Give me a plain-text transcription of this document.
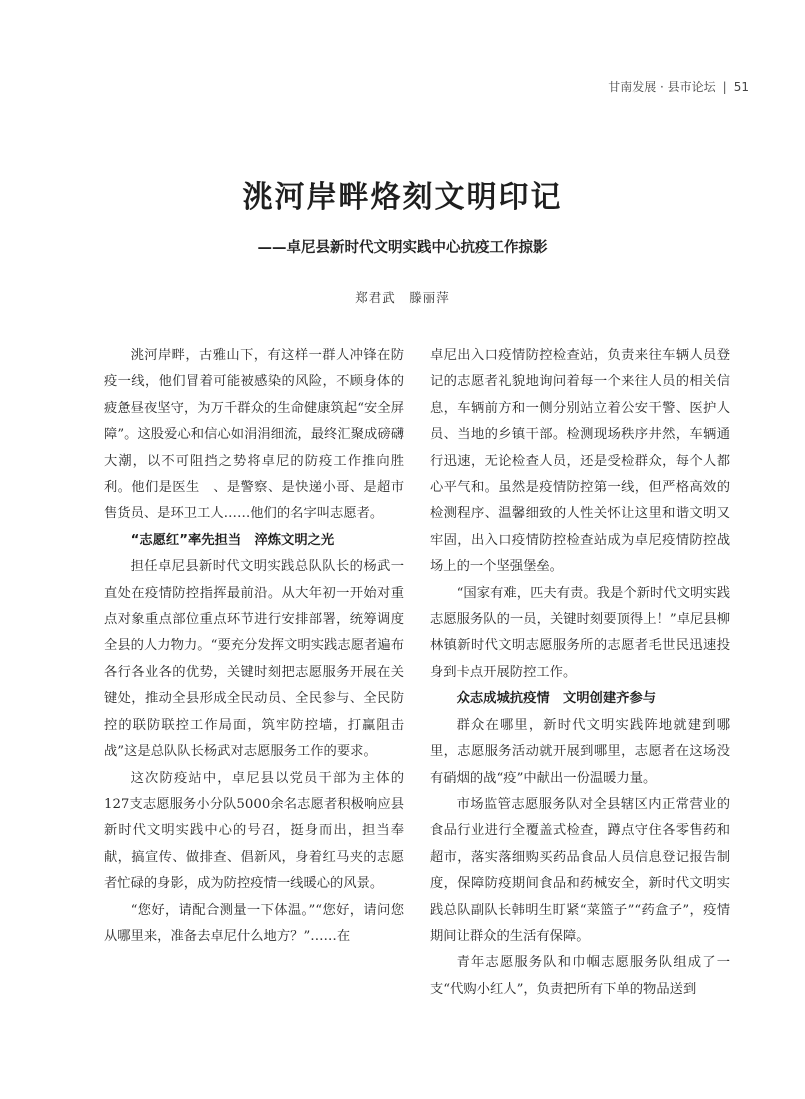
甘南发展 · 县市论坛 | 51
洮河岸畔烙刻文明印记
——卓尼县新时代文明实践中心抗疫工作掠影
郑君武　滕丽萍

洮河岸畔，古雅山下，有这样一群人冲锋在防疫一线，他们冒着可能被感染的风险，不顾身体的疲惫昼夜坚守，为万千群众的生命健康筑起“安全屏障”。这股爱心和信心如涓涓细流，最终汇聚成磅礴大潮，以不可阻挡之势将卓尼的防疫工作推向胜利。他们是医生　、是警察、是快递小哥、是超市售货员、是环卫工人……他们的名字叫志愿者。

“志愿红”率先担当　淬炼文明之光

担任卓尼县新时代文明实践总队队长的杨武一直处在疫情防控指挥最前沿。从大年初一开始对重点对象重点部位重点环节进行安排部署，统筹调度全县的人力物力。“要充分发挥文明实践志愿者遍布各行各业各的优势，关键时刻把志愿服务开展在关键处，推动全县形成全民动员、全民参与、全民防控的联防联控工作局面，筑牢防控墙，打赢阻击战”这是总队队长杨武对志愿服务工作的要求。

这次防疫站中，卓尼县以党员干部为主体的127支志愿服务小分队5000余名志愿者积极响应县新时代文明实践中心的号召，挺身而出，担当奉献，搞宣传、做排查、倡新风，身着红马夹的志愿者忙碌的身影，成为防控疫情一线暖心的风景。

“您好，请配合测量一下体温。”“您好，请问您从哪里来，准备去卓尼什么地方？”……在

卓尼出入口疫情防控检查站，负责来往车辆人员登记的志愿者礼貌地询问着每一个来往人员的相关信息，车辆前方和一侧分别站立着公安干警、医护人员、当地的乡镇干部。检测现场秩序井然，车辆通行迅速，无论检查人员，还是受检群众，每个人都心平气和。虽然是疫情防控第一线，但严格高效的检测程序、温馨细致的人性关怀让这里和谐文明又牢固，出入口疫情防控检查站成为卓尼疫情防控战场上的一个坚强堡垒。

“国家有难，匹夫有责。我是个新时代文明实践志愿服务队的一员，关键时刻要顶得上！”卓尼县柳林镇新时代文明志愿服务所的志愿者毛世民迅速投身到卡点开展防控工作。

众志成城抗疫情　文明创建齐参与

群众在哪里，新时代文明实践阵地就建到哪里，志愿服务活动就开展到哪里，志愿者在这场没有硝烟的战“疫”中献出一份温暖力量。

市场监管志愿服务队对全县辖区内正常营业的食品行业进行全覆盖式检查，蹲点守住各零售药和超市，落实落细购买药品食品人员信息登记报告制度，保障防疫期间食品和药械安全，新时代文明实践总队副队长韩明生盯紧“菜篮子”“药盒子”，疫情期间让群众的生活有保障。

青年志愿服务队和巾帼志愿服务队组成了一支“代购小红人”，负责把所有下单的物品送到
